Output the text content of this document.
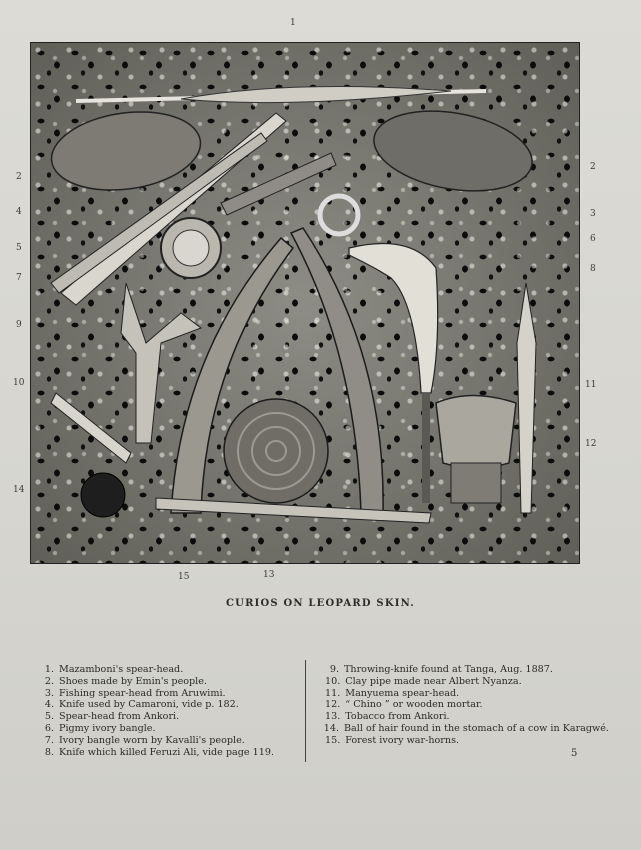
1
2
4
5
7
9
10
14
2
3
6
8
11
12
15	13
CURIOS ON LEOPARD SKIN.
1. Mazamboni's spear-head.
2. Shoes made by Emin's people.
3. Fishing spear-head from Aruwimi.
4. Knife used by Camaroni, vide p. 182.
5. Spear-head from Ankori.
6. Pigmy ivory bangle.
7. Ivory bangle worn by Kavalli's people.
8. Knife which killed Feruzi Ali, vide page 119.
9. Throwing-knife found at Tanga, Aug. 1887.
10. Clay pipe made near Albert Nyanza.
11. Manyuema spear-head.
12. “ Chino ” or wooden mortar.
13. Tobacco from Ankori.
14. Ball of hair found in the stomach of a cow in Karagwé.
15. Forest ivory war-horns.
5
